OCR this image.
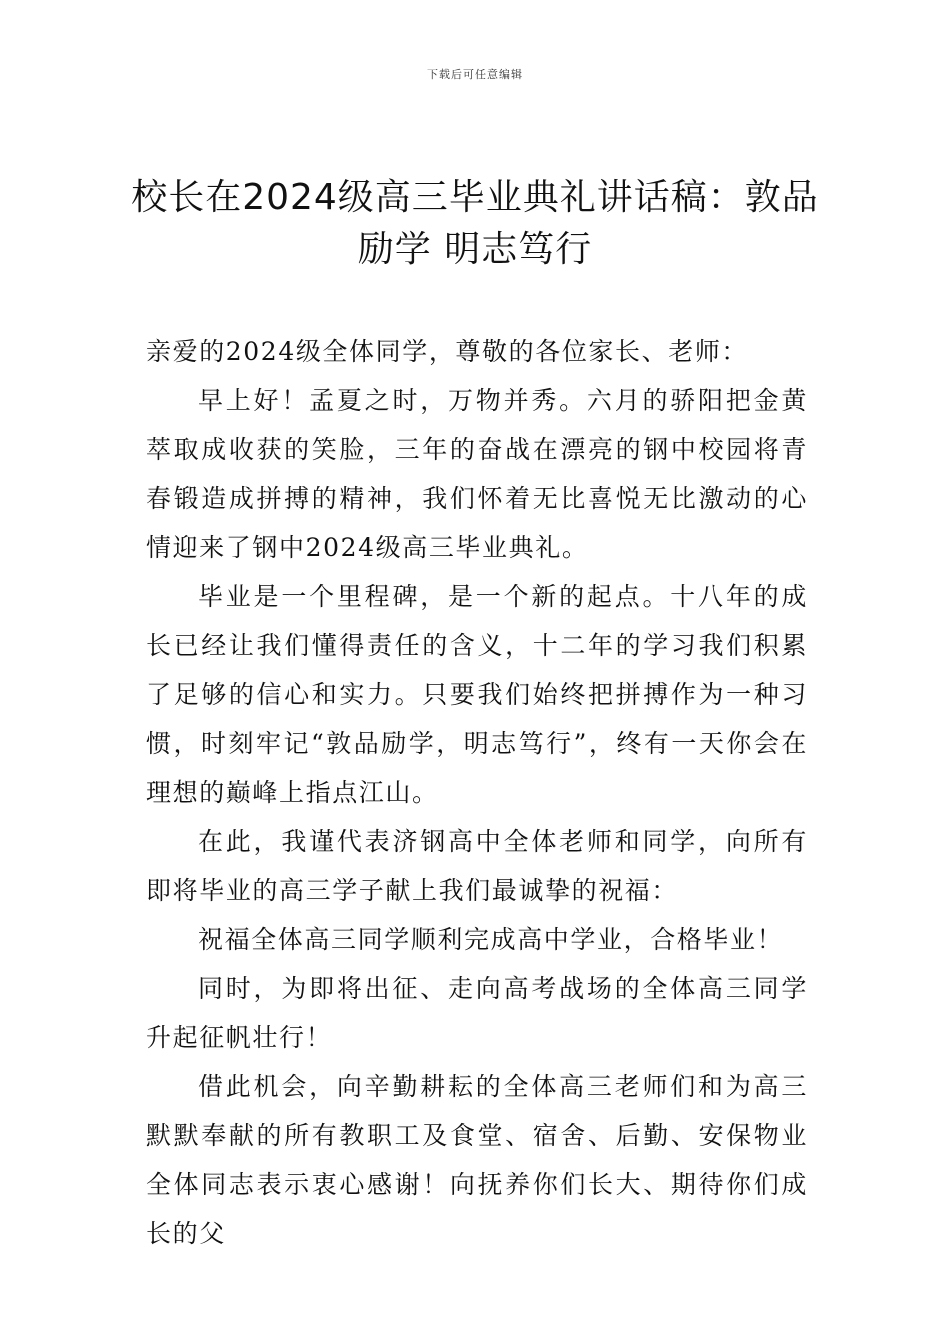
下载后可任意编辑
校长在2024级高三毕业典礼讲话稿：敦品
励学 明志笃行

亲爱的2024级全体同学，尊敬的各位家长、老师：

早上好！孟夏之时，万物并秀。六月的骄阳把金黄萃取成收获的笑脸，三年的奋战在漂亮的钢中校园将青春锻造成拼搏的精神，我们怀着无比喜悦无比激动的心情迎来了钢中2024级高三毕业典礼。

毕业是一个里程碑，是一个新的起点。十八年的成长已经让我们懂得责任的含义，十二年的学习我们积累了足够的信心和实力。只要我们始终把拼搏作为一种习惯，时刻牢记“敦品励学，明志笃行”，终有一天你会在理想的巅峰上指点江山。

在此，我谨代表济钢高中全体老师和同学，向所有即将毕业的高三学子献上我们最诚挚的祝福：

祝福全体高三同学顺利完成高中学业，合格毕业！

同时，为即将出征、走向高考战场的全体高三同学升起征帆壮行！

借此机会，向辛勤耕耘的全体高三老师们和为高三默默奉献的所有教职工及食堂、宿舍、后勤、安保物业全体同志表示衷心感谢！向抚养你们长大、期待你们成长的父
